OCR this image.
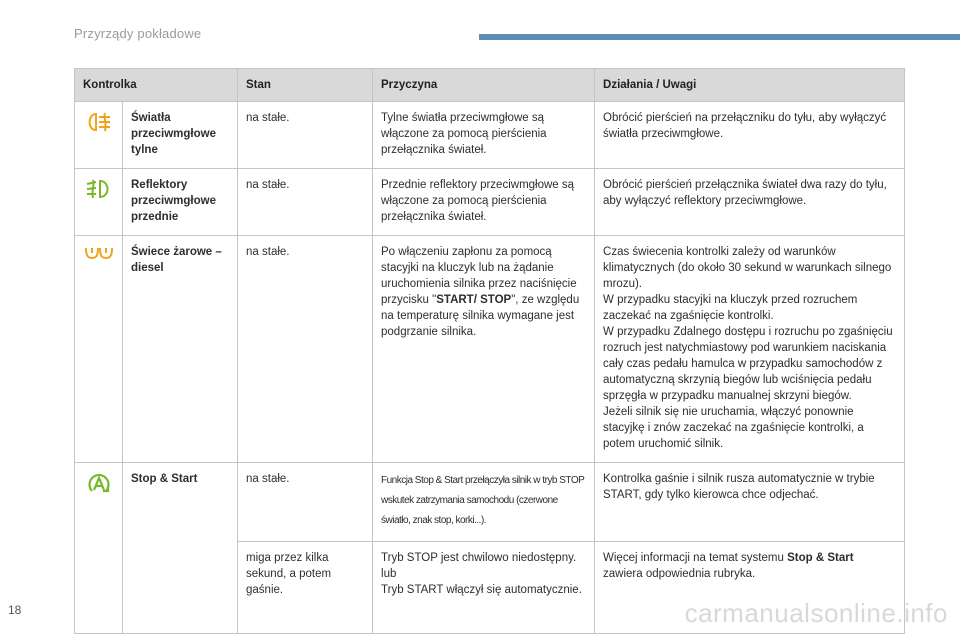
Przyrządy pokładowe
Kontrolka		Stan	Przyczyna	Działania / Uwagi

	Światła przeciwmgłowe tylne	na stałe.	Tylne światła przeciwmgłowe są włączone za pomocą pierścienia przełącznika świateł.	Obrócić pierścień na przełączniku do tyłu, aby wyłączyć światła przeciwmgłowe.

	Reflektory przeciwmgłowe przednie	na stałe.	Przednie reflektory przeciwmgłowe są włączone za pomocą pierścienia przełącznika świateł.	Obrócić pierścień przełącznika świateł dwa razy do tyłu, aby wyłączyć reflektory przeciwmgłowe.

	Świece żarowe – diesel	na stałe.	Po włączeniu zapłonu za pomocą stacyjki na kluczyk lub na żądanie uruchomienia silnika przez naciśnięcie przycisku "START/ STOP", ze względu na temperaturę silnika wymagane jest podgrzanie silnika.	Czas świecenia kontrolki zależy od warunków klimatycznych (do około 30 sekund w warunkach silnego mrozu).
W przypadku stacyjki na kluczyk przed rozruchem zaczekać na zgaśnięcie kontrolki.
W przypadku Zdalnego dostępu i rozruchu po zgaśnięciu rozruch jest natychmiastowy pod warunkiem naciskania cały czas pedału hamulca w przypadku samochodów z automatyczną skrzynią biegów lub wciśnięcia pedału sprzęgła w przypadku manualnej skrzyni biegów.
Jeżeli silnik się nie uruchamia, włączyć ponownie stacyjkę i znów zaczekać na zgaśnięcie kontrolki, a potem uruchomić silnik.

	Stop & Start	na stałe.	Funkcja Stop & Start przełączyła silnik w tryb STOP wskutek zatrzymania samochodu (czerwone światło, znak stop, korki...).	Kontrolka gaśnie i silnik rusza automatycznie w trybie START, gdy tylko kierowca chce odjechać.
		miga przez kilka sekund, a potem gaśnie.	Tryb STOP jest chwilowo niedostępny.
lub
Tryb START włączył się automatycznie.	Więcej informacji na temat systemu Stop & Start zawiera odpowiednia rubryka.
18	carmanualsonline.info
